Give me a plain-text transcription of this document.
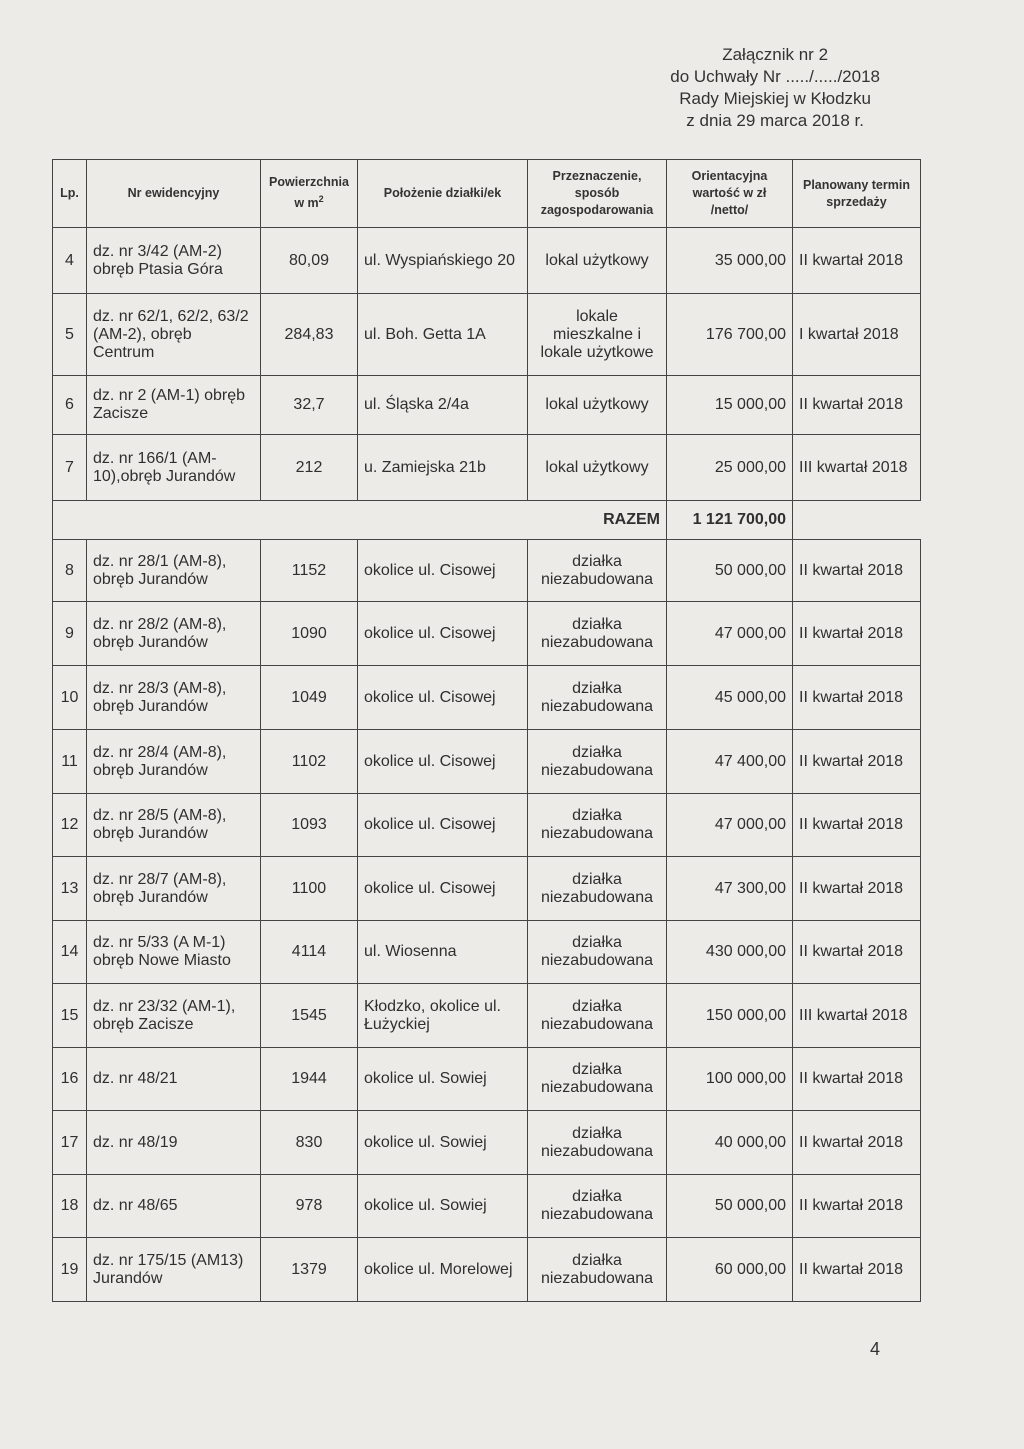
Załącznik nr 2
do Uchwały Nr ...../...../2018
Rady Miejskiej w Kłodzku
z dnia 29 marca 2018 r.
Lp.	Nr ewidencyjny	Powierzchnia w $m^2$	Położenie działki/ek	Przeznaczenie, sposób zagospodarowania	Orientacyjna wartość w zł /netto/	Planowany termin sprzedaży
4	dz. nr 3/42 (AM-2) obręb Ptasia Góra	80,09	ul. Wyspiańskiego 20	lokal użytkowy	35 000,00	II kwartał 2018
5	dz. nr 62/1, 62/2, 63/2 (AM-2), obręb Centrum	284,83	ul. Boh. Getta 1A	lokale mieszkalne i lokale użytkowe	176 700,00	I kwartał 2018
6	dz. nr 2 (AM-1) obręb Zacisze	32,7	ul. Śląska 2/4a	lokal użytkowy	15 000,00	II kwartał 2018
7	dz. nr 166/1 (AM-10),obręb Jurandów	212	u. Zamiejska 21b	lokal użytkowy	25 000,00	III kwartał 2018
RAZEM					1 121 700,00	
8	dz. nr 28/1 (AM-8), obręb Jurandów	1152	okolice ul. Cisowej	działka niezabudowana	50 000,00	II kwartał 2018
9	dz. nr 28/2 (AM-8), obręb Jurandów	1090	okolice ul. Cisowej	działka niezabudowana	47 000,00	II kwartał 2018
10	dz. nr 28/3 (AM-8), obręb Jurandów	1049	okolice ul. Cisowej	działka niezabudowana	45 000,00	II kwartał 2018
11	dz. nr 28/4 (AM-8), obręb Jurandów	1102	okolice ul. Cisowej	działka niezabudowana	47 400,00	II kwartał 2018
12	dz. nr 28/5 (AM-8), obręb Jurandów	1093	okolice ul. Cisowej	działka niezabudowana	47 000,00	II kwartał 2018
13	dz. nr 28/7 (AM-8), obręb Jurandów	1100	okolice ul. Cisowej	działka niezabudowana	47 300,00	II kwartał 2018
14	dz. nr 5/33 (A M-1) obręb Nowe Miasto	4114	ul. Wiosenna	działka niezabudowana	430 000,00	II kwartał 2018
15	dz. nr 23/32 (AM-1), obręb Zacisze	1545	Kłodzko, okolice ul. Łużyckiej	działka niezabudowana	150 000,00	III kwartał 2018
16	dz. nr 48/21	1944	okolice ul. Sowiej	działka niezabudowana	100 000,00	II kwartał 2018
17	dz. nr 48/19	830	okolice ul. Sowiej	działka niezabudowana	40 000,00	II kwartał 2018
18	dz. nr 48/65	978	okolice ul. Sowiej	działka niezabudowana	50 000,00	II kwartał 2018
19	dz. nr 175/15 (AM13) Jurandów	1379	okolice ul. Morelowej	działka niezabudowana	60 000,00	II kwartał 2018
4
